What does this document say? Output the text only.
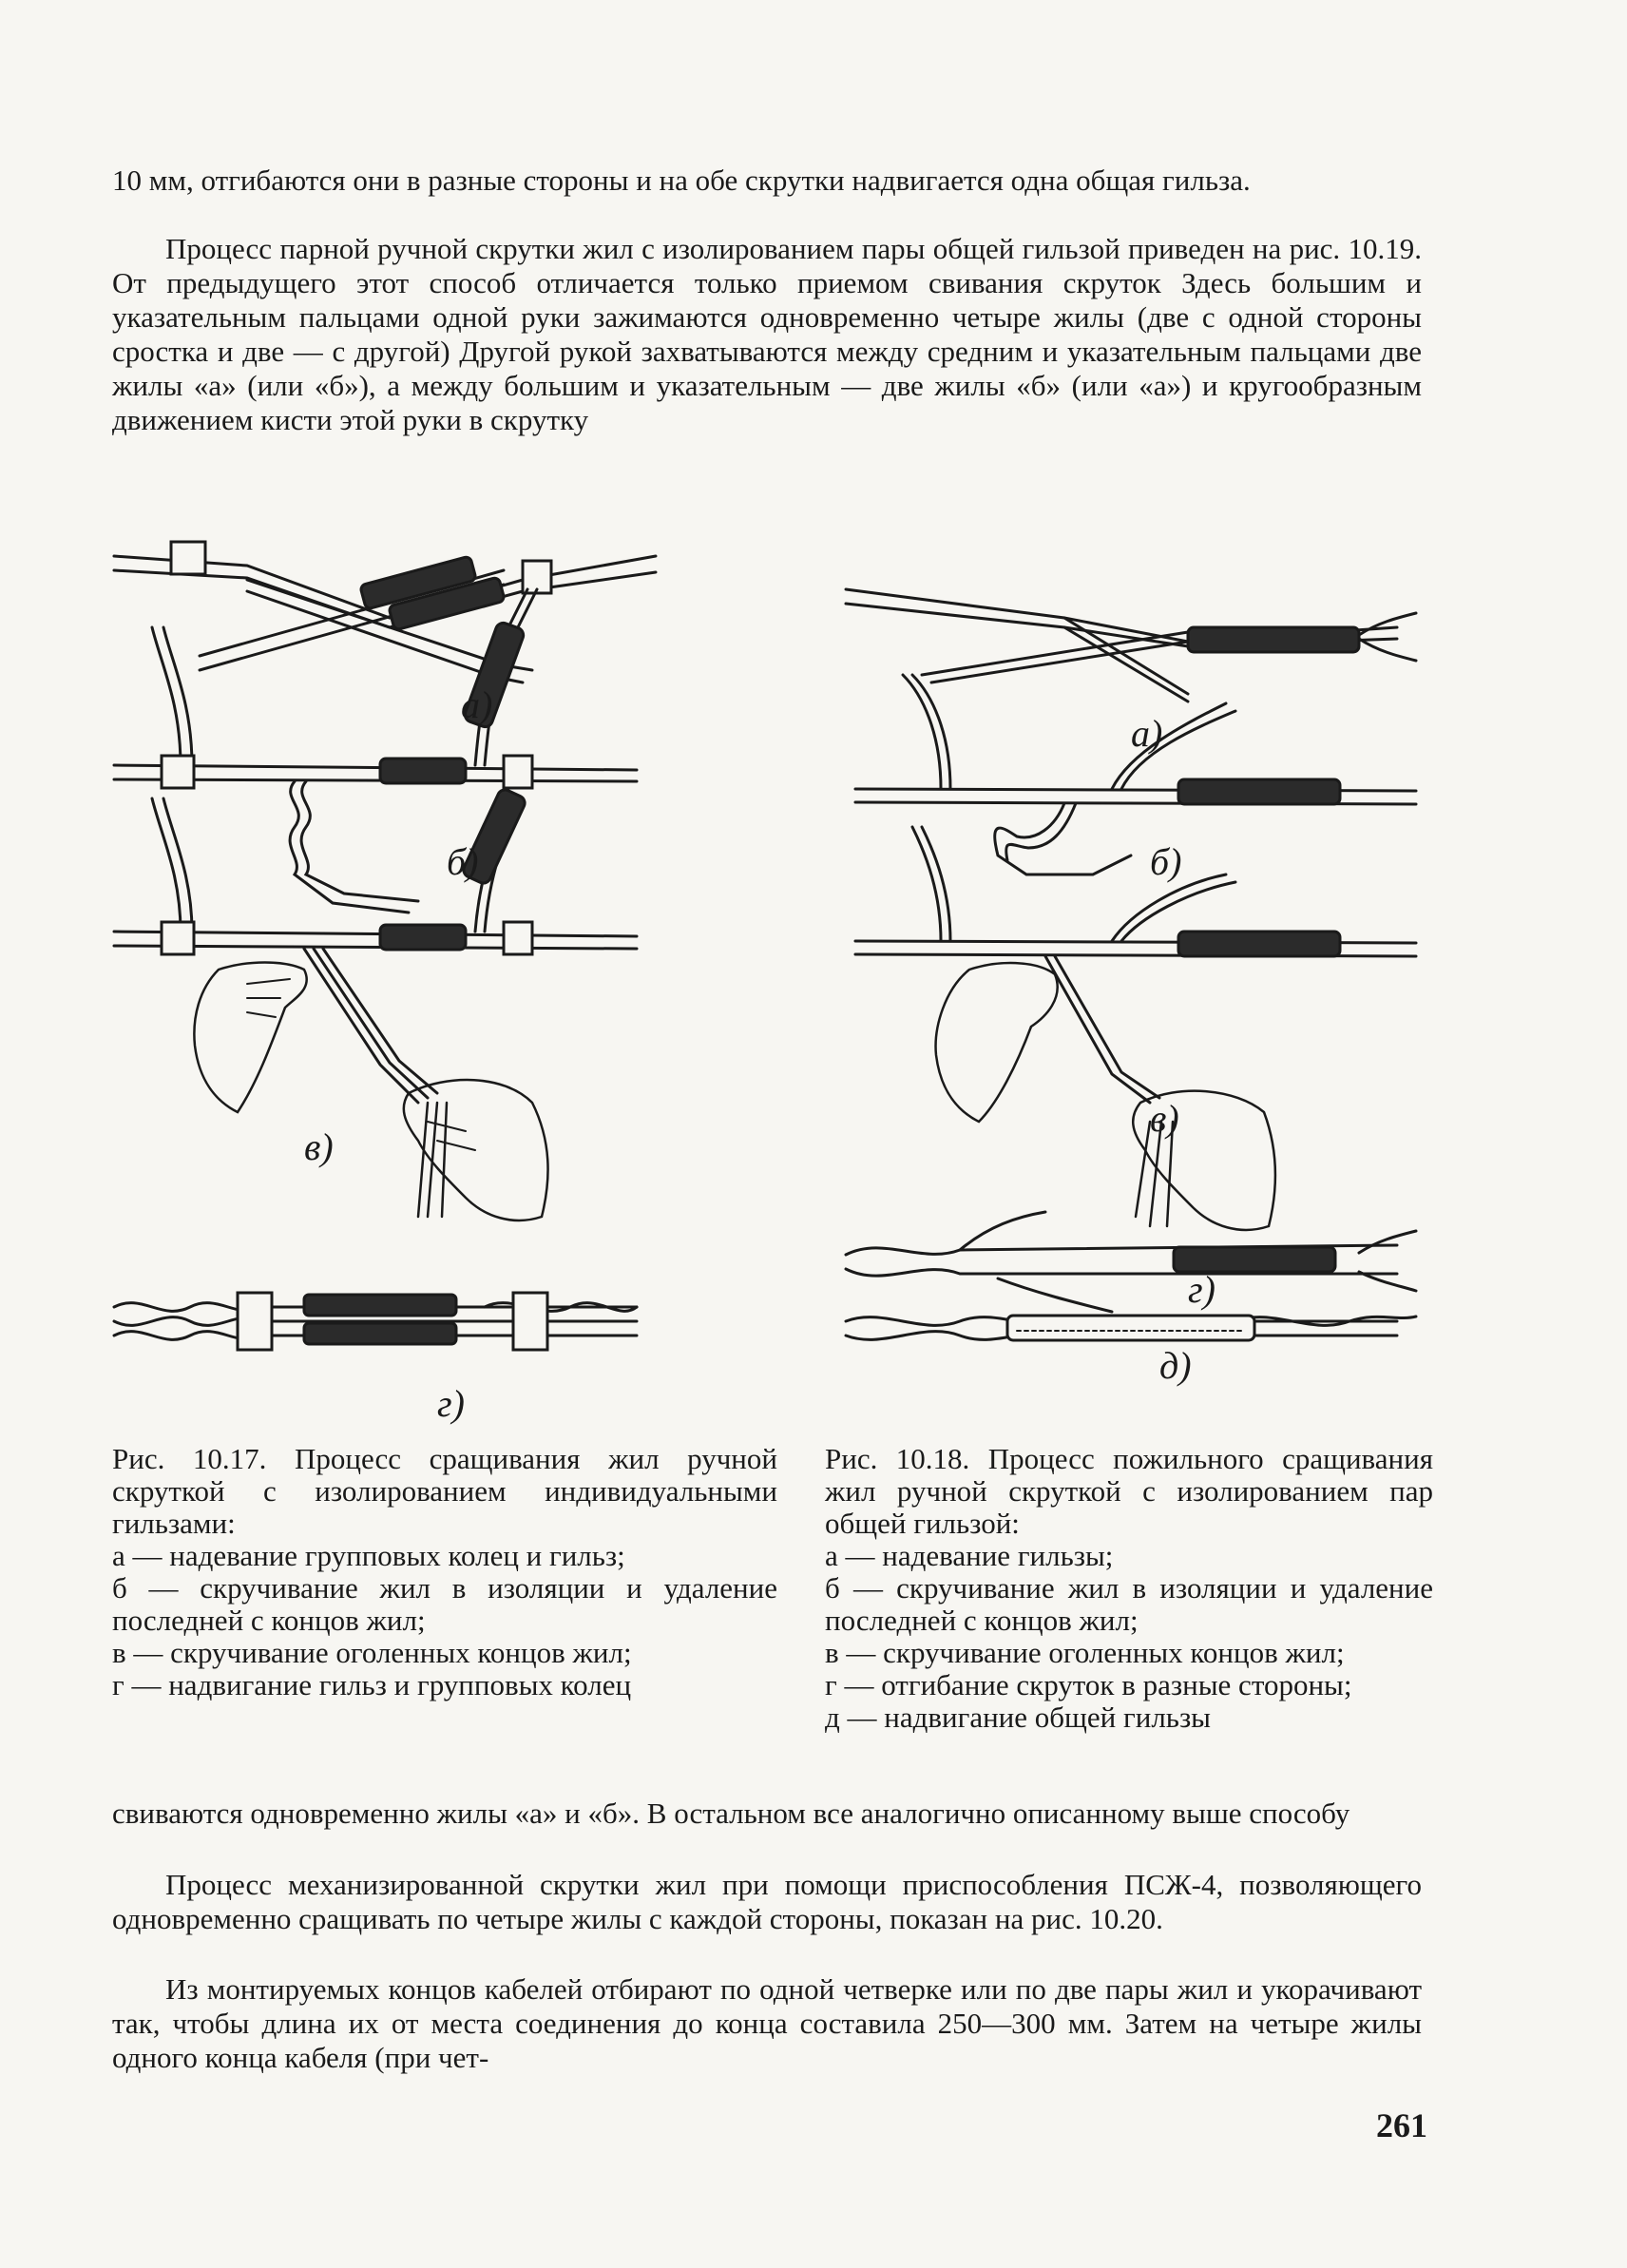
10 мм, отгибаются они в разные стороны и на обе скрутки надвигается одна общая гильза.

Процесс парной ручной скрутки жил с изолированием пары общей гильзой приведен на рис. 10.19. От предыдущего этот способ отличается только приемом свивания скруток Здесь большим и указательным пальцами одной руки зажимаются одновременно четыре жилы (две с одной стороны сростка и две — с другой) Другой рукой захватываются между средним и указательным пальцами две жилы «а» (или «б»), а между большим и указательным — две жилы «б» (или «а») и кругообразным движением кисти этой руки в скрутку

в)
а)
б)
г)
а)
б)
в)
г)
д)
Рис. 10.17. Процесс сращивания жил ручной скруткой с изолированием индивидуальными гильзами:
а — надевание групповых колец и гильз;
б — скручивание жил в изоляции и удаление последней с концов жил;
в — скручивание оголенных концов жил;
г — надвигание гильз и групповых колец
Рис. 10.18. Процесс пожильного сращивания жил ручной скруткой с изолированием пар общей гильзой:
а — надевание гильзы;
б — скручивание жил в изоляции и удаление последней с концов жил;
в — скручивание оголенных концов жил;
г — отгибание скруток в разные стороны;
д — надвигание общей гильзы

свиваются одновременно жилы «а» и «б». В остальном все аналогично описанному выше способу

Процесс механизированной скрутки жил при помощи приспособления ПСЖ-4, позволяющего одновременно сращивать по четыре жилы с каждой стороны, показан на рис. 10.20.

Из монтируемых концов кабелей отбирают по одной четверке или по две пары жил и укорачивают так, чтобы длина их от места соединения до конца составила 250—300 мм. Затем на четыре жилы одного конца кабеля (при чет-

261
